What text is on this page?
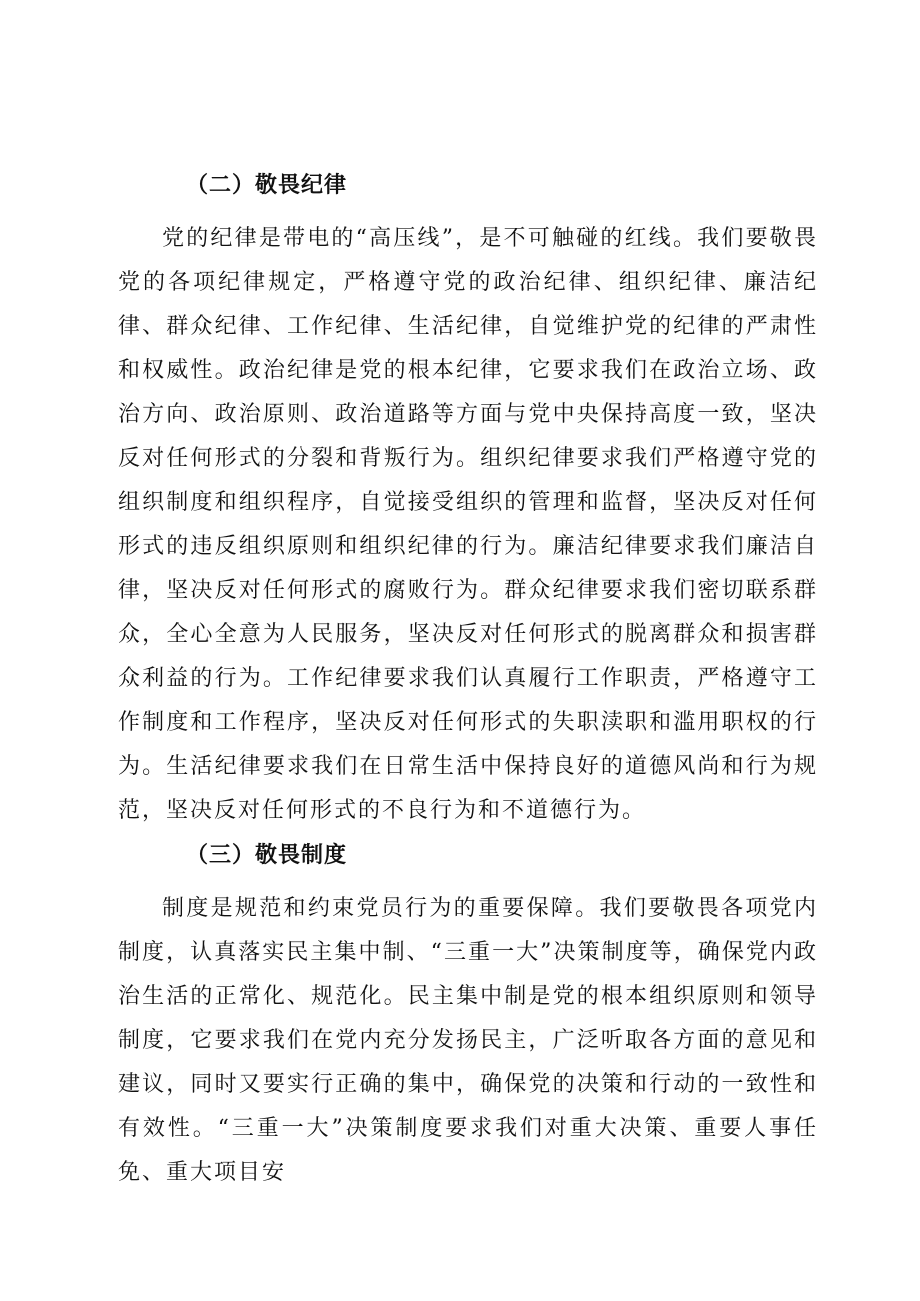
（二）敬畏纪律

党的纪律是带电的“高压线”，是不可触碰的红线。我们要敬畏党的各项纪律规定，严格遵守党的政治纪律、组织纪律、廉洁纪律、群众纪律、工作纪律、生活纪律，自觉维护党的纪律的严肃性和权威性。政治纪律是党的根本纪律，它要求我们在政治立场、政治方向、政治原则、政治道路等方面与党中央保持高度一致，坚决反对任何形式的分裂和背叛行为。组织纪律要求我们严格遵守党的组织制度和组织程序，自觉接受组织的管理和监督，坚决反对任何形式的违反组织原则和组织纪律的行为。廉洁纪律要求我们廉洁自律，坚决反对任何形式的腐败行为。群众纪律要求我们密切联系群众，全心全意为人民服务，坚决反对任何形式的脱离群众和损害群众利益的行为。工作纪律要求我们认真履行工作职责，严格遵守工作制度和工作程序，坚决反对任何形式的失职渎职和滥用职权的行为。生活纪律要求我们在日常生活中保持良好的道德风尚和行为规范，坚决反对任何形式的不良行为和不道德行为。

（三）敬畏制度

制度是规范和约束党员行为的重要保障。我们要敬畏各项党内制度，认真落实民主集中制、“三重一大”决策制度等，确保党内政治生活的正常化、规范化。民主集中制是党的根本组织原则和领导制度，它要求我们在党内充分发扬民主，广泛听取各方面的意见和建议，同时又要实行正确的集中，确保党的决策和行动的一致性和有效性。“三重一大”决策制度要求我们对重大决策、重要人事任免、重大项目安
